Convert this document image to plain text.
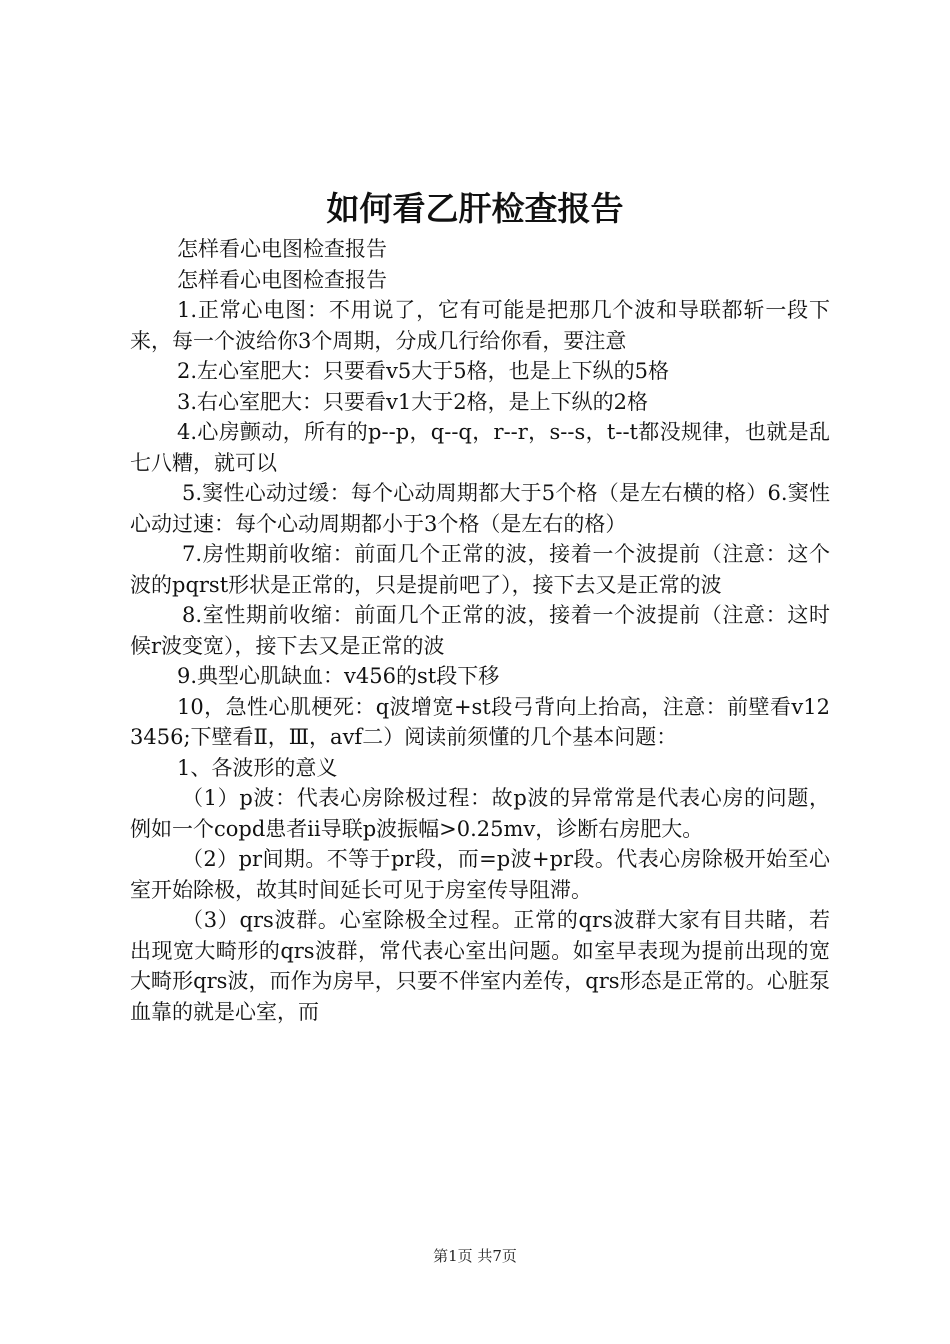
如何看乙肝检查报告

怎样看心电图检查报告

怎样看心电图检查报告

1.正常心电图：不用说了，它有可能是把那几个波和导联都斩一段下来，每一个波给你3个周期，分成几行给你看，要注意

2.左心室肥大：只要看v5大于5格，也是上下纵的5格

3.右心室肥大：只要看v1大于2格，是上下纵的2格

4.心房颤动，所有的p--p，q--q，r--r，s--s，t--t都没规律，也就是乱七八糟，就可以

5.窦性心动过缓：每个心动周期都大于5个格（是左右横的格）6.窦性心动过速：每个心动周期都小于3个格（是左右的格）

7.房性期前收缩：前面几个正常的波，接着一个波提前（注意：这个波的pqrst形状是正常的，只是提前吧了），接下去又是正常的波

8.室性期前收缩：前面几个正常的波，接着一个波提前（注意：这时候r波变宽），接下去又是正常的波

9.典型心肌缺血：v456的st段下移

10，急性心肌梗死：q波增宽+st段弓背向上抬高，注意：前壁看v123456;下壁看Ⅱ，Ⅲ，avf二）阅读前须懂的几个基本问题：

1、各波形的意义

（1）p波：代表心房除极过程：故p波的异常常是代表心房的问题，例如一个copd患者ii导联p波振幅>0.25mv，诊断右房肥大。

（2）pr间期。不等于pr段，而=p波+pr段。代表心房除极开始至心室开始除极，故其时间延长可见于房室传导阻滞。

（3）qrs波群。心室除极全过程。正常的qrs波群大家有目共睹，若出现宽大畸形的qrs波群，常代表心室出问题。如室早表现为提前出现的宽大畸形qrs波，而作为房早，只要不伴室内差传，qrs形态是正常的。心脏泵血靠的就是心室，而

第1页 共7页
